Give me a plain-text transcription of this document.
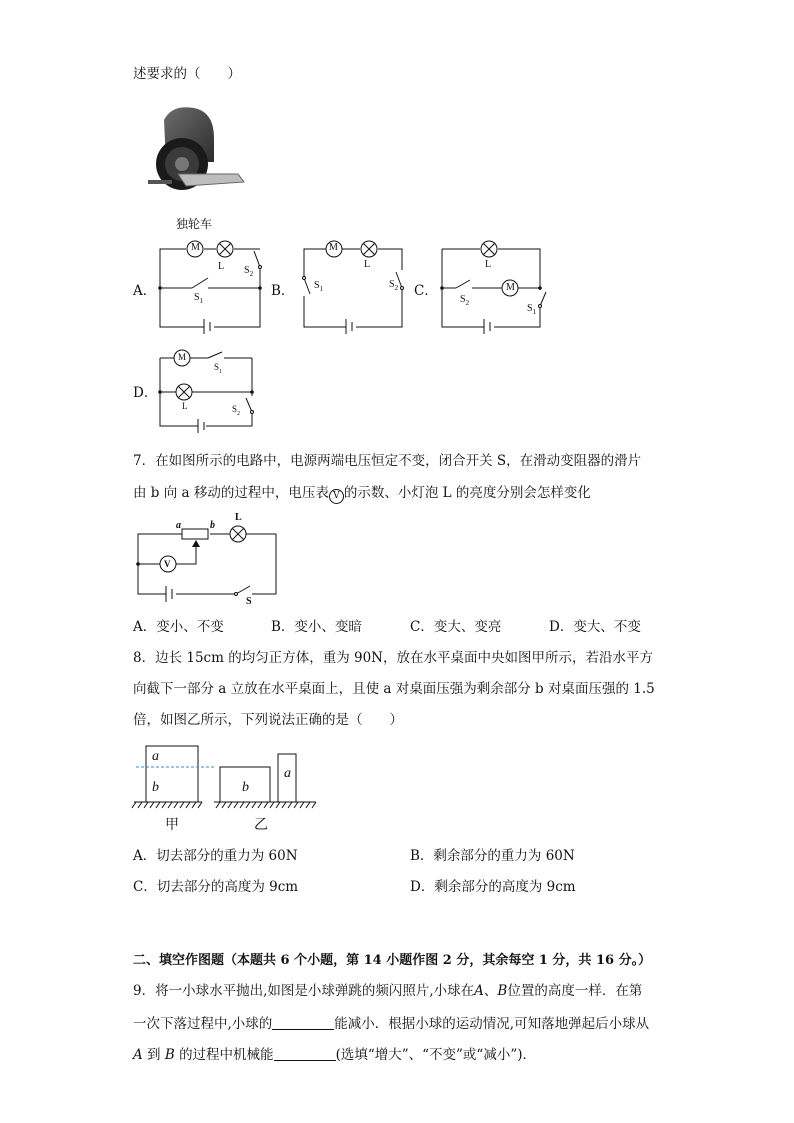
述要求的（　　）
独轮车
A．
M
L $S_2$
$S_1$
B．
M
L
$S_1$	$S_2$ C．
L
M
$S_2$	$S_1$
D．
M
$S_1$
L	$S_2$
7．在如图所示的电路中，电源两端电压恒定不变，闭合开关 S，在滑动变阻器的滑片
由 b 向 a 移动的过程中，电压表 V 的示数、小灯泡 L 的亮度分别会怎样变化
a	b
L
V
S
A．变小、不变	B．变小、变暗	C．变大、变亮	D．变大、不变
8．边长 15cm 的均匀正方体，重为 90N，放在水平桌面中央如图甲所示，若沿水平方
向截下一部分 a 立放在水平桌面上，且使 a 对桌面压强为剩余部分 b 对桌面压强的 1.5
倍，如图乙所示，下列说法正确的是（　　）
a
b	b
a
甲	乙
A．切去部分的重力为 60N	B．剩余部分的重力为 60N
C．切去部分的高度为 9cm	D．剩余部分的高度为 9cm
二、填空作图题（本题共 6 个小题，第 14 小题作图 2 分，其余每空 1 分，共 16 分。）
9．将一小球水平抛出,如图是小球弹跳的频闪照片,小球在A、B位置的高度一样．在第
一次下落过程中,小球的	能减小．根据小球的运动情况,可知落地弹起后小球从
A 到 B 的过程中机械能	(选填“增大”、“不变”或“减小”)．
